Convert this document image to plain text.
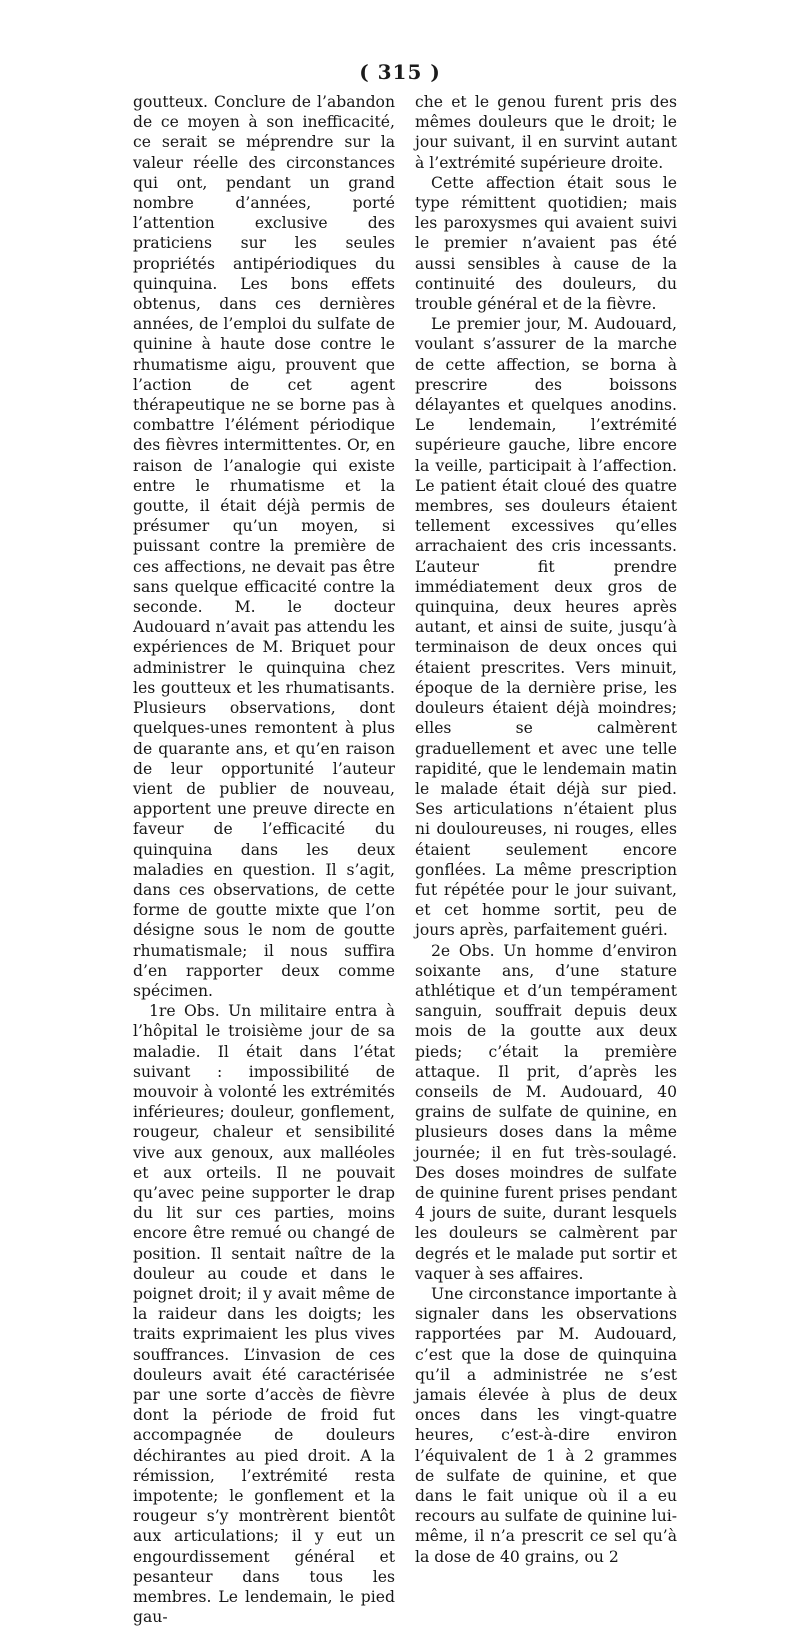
( 315 )

goutteux. Conclure de l’abandon de ce moyen à son inefficacité, ce serait se méprendre sur la valeur réelle des circonstances qui ont, pendant un grand nombre d’années, porté l’attention exclusive des praticiens sur les seules propriétés antipériodiques du quinquina. Les bons effets obtenus, dans ces dernières années, de l’emploi du sulfate de quinine à haute dose contre le rhumatisme aigu, prouvent que l’action de cet agent thérapeutique ne se borne pas à combattre l’élément périodique des fièvres intermittentes. Or, en raison de l’analogie qui existe entre le rhumatisme et la goutte, il était déjà permis de présumer qu’un moyen, si puissant contre la première de ces affections, ne devait pas être sans quelque efficacité contre la seconde. M. le docteur Audouard n’avait pas attendu les expériences de M. Briquet pour administrer le quinquina chez les goutteux et les rhumatisants. Plusieurs observations, dont quelques-unes remontent à plus de quarante ans, et qu’en raison de leur opportunité l’auteur vient de publier de nouveau, apportent une preuve directe en faveur de l’efficacité du quinquina dans les deux maladies en question. Il s’agit, dans ces observations, de cette forme de goutte mixte que l’on désigne sous le nom de goutte rhumatismale; il nous suffira d’en rapporter deux comme spécimen.

1re Obs. Un militaire entra à l’hôpital le troisième jour de sa maladie. Il était dans l’état suivant : impossibilité de mouvoir à volonté les extrémités inférieures; douleur, gonflement, rougeur, chaleur et sensibilité vive aux genoux, aux malléoles et aux orteils. Il ne pouvait qu’avec peine supporter le drap du lit sur ces parties, moins encore être remué ou changé de position. Il sentait naître de la douleur au coude et dans le poignet droit; il y avait même de la raideur dans les doigts; les traits exprimaient les plus vives souffrances. L’invasion de ces douleurs avait été caractérisée par une sorte d’accès de fièvre dont la période de froid fut accompagnée de douleurs déchirantes au pied droit. A la rémission, l’extrémité resta impotente; le gonflement et la rougeur s’y montrèrent bientôt aux articulations; il y eut un engourdissement général et pesanteur dans tous les membres. Le lendemain, le pied gau-

che et le genou furent pris des mêmes douleurs que le droit; le jour suivant, il en survint autant à l’extrémité supérieure droite.

Cette affection était sous le type rémittent quotidien; mais les paroxysmes qui avaient suivi le premier n’avaient pas été aussi sensibles à cause de la continuité des douleurs, du trouble général et de la fièvre.

Le premier jour, M. Audouard, voulant s’assurer de la marche de cette affection, se borna à prescrire des boissons délayantes et quelques anodins. Le lendemain, l’extrémité supérieure gauche, libre encore la veille, participait à l’affection. Le patient était cloué des quatre membres, ses douleurs étaient tellement excessives qu’elles arrachaient des cris incessants. L’auteur fit prendre immédiatement deux gros de quinquina, deux heures après autant, et ainsi de suite, jusqu’à terminaison de deux onces qui étaient prescrites. Vers minuit, époque de la dernière prise, les douleurs étaient déjà moindres; elles se calmèrent graduellement et avec une telle rapidité, que le lendemain matin le malade était déjà sur pied. Ses articulations n’étaient plus ni douloureuses, ni rouges, elles étaient seulement encore gonflées. La même prescription fut répétée pour le jour suivant, et cet homme sortit, peu de jours après, parfaitement guéri.

2e Obs. Un homme d’environ soixante ans, d’une stature athlétique et d’un tempérament sanguin, souffrait depuis deux mois de la goutte aux deux pieds; c’était la première attaque. Il prit, d’après les conseils de M. Audouard, 40 grains de sulfate de quinine, en plusieurs doses dans la même journée; il en fut très-soulagé. Des doses moindres de sulfate de quinine furent prises pendant 4 jours de suite, durant lesquels les douleurs se calmèrent par degrés et le malade put sortir et vaquer à ses affaires.

Une circonstance importante à signaler dans les observations rapportées par M. Audouard, c’est que la dose de quinquina qu’il a administrée ne s’est jamais élevée à plus de deux onces dans les vingt-quatre heures, c’est-à-dire environ l’équivalent de 1 à 2 grammes de sulfate de quinine, et que dans le fait unique où il a eu recours au sulfate de quinine lui-même, il n’a prescrit ce sel qu’à la dose de 40 grains, ou 2
